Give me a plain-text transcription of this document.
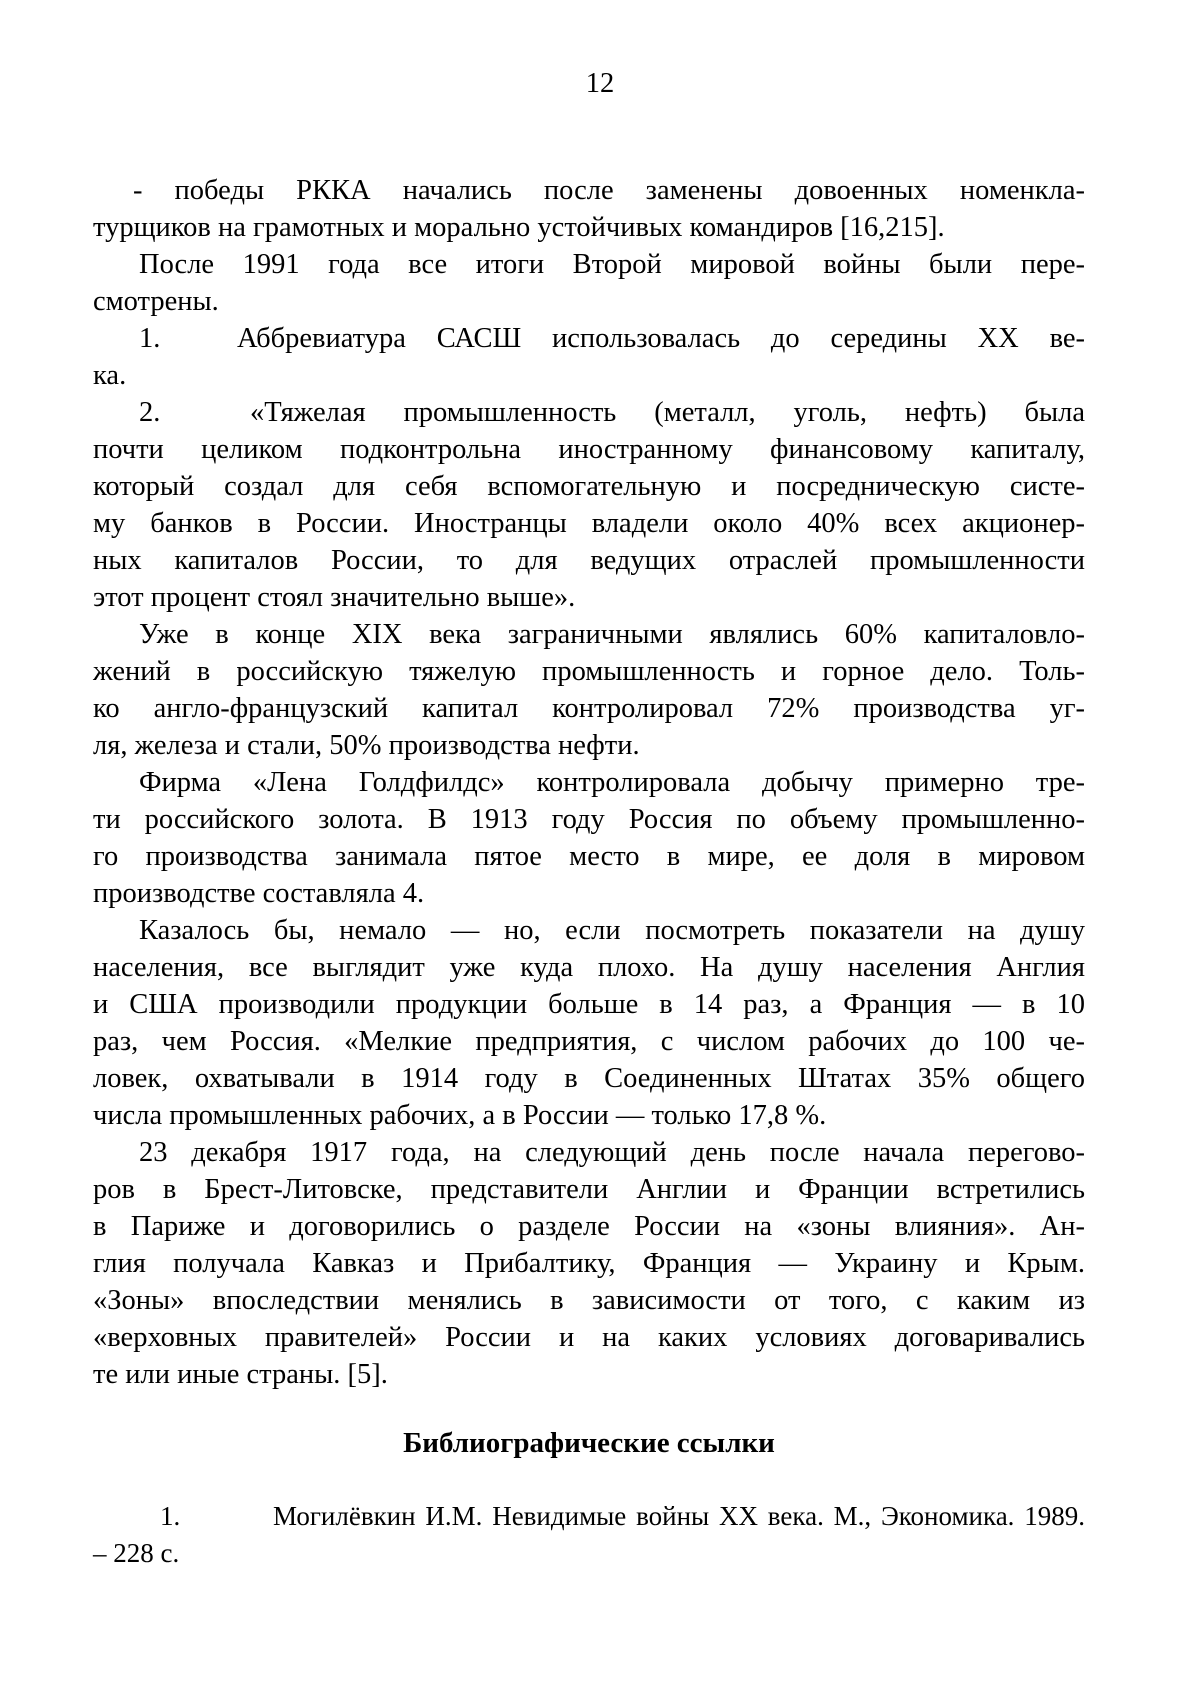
12
- победы РККА начались после заменены довоенных номенкла-
турщиков на грамотных и морально устойчивых командиров [16,215].
После 1991 года все итоги Второй мировой войны были пере-
смотрены.
1.	Аббревиатура САСШ использовалась до середины XX ве-
ка.
2.	«Тяжелая промышленность (металл, уголь, нефть) была
почти целиком подконтрольна иностранному финансовому капиталу,
который создал для себя вспомогательную и посредническую систе-
му банков в России. Иностранцы владели около 40% всех акционер-
ных капиталов России, то для ведущих отраслей промышленности
этот процент стоял значительно выше».
Уже в конце XIX века заграничными являлись 60% капиталовло-
жений в российскую тяжелую промышленность и горное дело. Толь-
ко англо-французский капитал контролировал 72% производства уг-
ля, железа и стали, 50% производства нефти.
Фирма «Лена Голдфилдс» контролировала добычу примерно тре-
ти российского золота. В 1913 году Россия по объему промышленно-
го производства занимала пятое место в мире, ее доля в мировом
производстве составляла 4.
Казалось бы, немало — но, если посмотреть показатели на душу
населения, все выглядит уже куда плохо. На душу населения Англия
и США производили продукции больше в 14 раз, а Франция — в 10
раз, чем Россия. «Мелкие предприятия, с числом рабочих до 100 че-
ловек, охватывали в 1914 году в Соединенных Штатах 35% общего
числа промышленных рабочих, а в России — только 17,8 %.
23 декабря 1917 года, на следующий день после начала перегово-
ров в Брест-Литовске, представители Англии и Франции встретились
в Париже и договорились о разделе России на «зоны влияния». Ан-
глия получала Кавказ и Прибалтику, Франция — Украину и Крым.
«Зоны» впоследствии менялись в зависимости от того, с каким из
«верховных правителей» России и на каких условиях договаривались
те или иные страны. [5].
Библиографические ссылки
1.	Могилёвкин И.М. Невидимые войны XX века. М., Экономика. 1989.
– 228 с.
